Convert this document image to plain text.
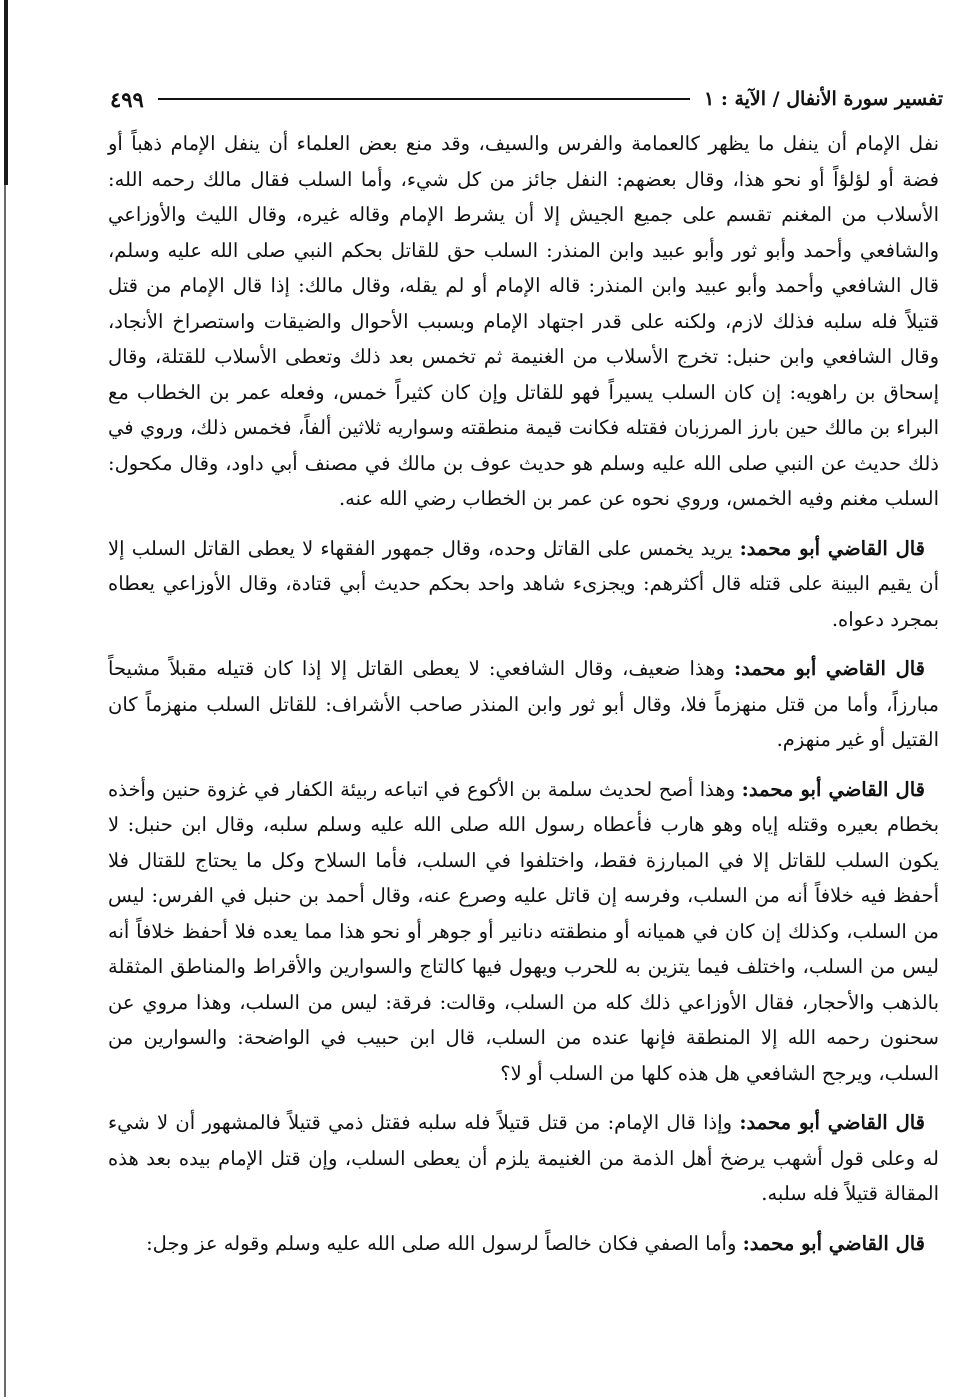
تفسير سورة الأنفال / الآية : ١
٤٩٩

نفل الإمام أن ينفل ما يظهر كالعمامة والفرس والسيف، وقد منع بعض العلماء أن ينفل الإمام ذهباً أو فضة أو لؤلؤاً أو نحو هذا، وقال بعضهم: النفل جائز من كل شيء، وأما السلب فقال مالك رحمه الله: الأسلاب من المغنم تقسم على جميع الجيش إلا أن يشرط الإمام وقاله غيره، وقال الليث والأوزاعي والشافعي وأحمد وأبو ثور وأبو عبيد وابن المنذر: السلب حق للقاتل بحكم النبي صلى الله عليه وسلم، قال الشافعي وأحمد وأبو عبيد وابن المنذر: قاله الإمام أو لم يقله، وقال مالك: إذا قال الإمام من قتل قتيلاً فله سلبه فذلك لازم، ولكنه على قدر اجتهاد الإمام وبسبب الأحوال والضيقات واستصراخ الأنجاد، وقال الشافعي وابن حنبل: تخرج الأسلاب من الغنيمة ثم تخمس بعد ذلك وتعطى الأسلاب للقتلة، وقال إسحاق بن راهويه: إن كان السلب يسيراً فهو للقاتل وإن كان كثيراً خمس، وفعله عمر بن الخطاب مع البراء بن مالك حين بارز المرزبان فقتله فكانت قيمة منطقته وسواريه ثلاثين ألفاً، فخمس ذلك، وروي في ذلك حديث عن النبي صلى الله عليه وسلم هو حديث عوف بن مالك في مصنف أبي داود، وقال مكحول: السلب مغنم وفيه الخمس، وروي نحوه عن عمر بن الخطاب رضي الله عنه.

قال القاضي أبو محمد: يريد يخمس على القاتل وحده، وقال جمهور الفقهاء لا يعطى القاتل السلب إلا أن يقيم البينة على قتله قال أكثرهم: ويجزىء شاهد واحد بحكم حديث أبي قتادة، وقال الأوزاعي يعطاه بمجرد دعواه.

قال القاضي أبو محمد: وهذا ضعيف، وقال الشافعي: لا يعطى القاتل إلا إذا كان قتيله مقبلاً مشيحاً مبارزاً، وأما من قتل منهزماً فلا، وقال أبو ثور وابن المنذر صاحب الأشراف: للقاتل السلب منهزماً كان القتيل أو غير منهزم.

قال القاضي أبو محمد: وهذا أصح لحديث سلمة بن الأكوع في اتباعه ربيئة الكفار في غزوة حنين وأخذه بخطام بعيره وقتله إياه وهو هارب فأعطاه رسول الله صلى الله عليه وسلم سلبه، وقال ابن حنبل: لا يكون السلب للقاتل إلا في المبارزة فقط، واختلفوا في السلب، فأما السلاح وكل ما يحتاج للقتال فلا أحفظ فيه خلافاً أنه من السلب، وفرسه إن قاتل عليه وصرع عنه، وقال أحمد بن حنبل في الفرس: ليس من السلب، وكذلك إن كان في هميانه أو منطقته دنانير أو جوهر أو نحو هذا مما يعده فلا أحفظ خلافاً أنه ليس من السلب، واختلف فيما يتزين به للحرب ويهول فيها كالتاج والسوارين والأقراط والمناطق المثقلة بالذهب والأحجار، فقال الأوزاعي ذلك كله من السلب، وقالت: فرقة: ليس من السلب، وهذا مروي عن سحنون رحمه الله إلا المنطقة فإنها عنده من السلب، قال ابن حبيب في الواضحة: والسوارين من السلب، ويرجح الشافعي هل هذه كلها من السلب أو لا؟

قال القاضي أبو محمد: وإذا قال الإمام: من قتل قتيلاً فله سلبه فقتل ذمي قتيلاً فالمشهور أن لا شيء له وعلى قول أشهب يرضخ أهل الذمة من الغنيمة يلزم أن يعطى السلب، وإن قتل الإمام بيده بعد هذه المقالة قتيلاً فله سلبه.

قال القاضي أبو محمد: وأما الصفي فكان خالصاً لرسول الله صلى الله عليه وسلم وقوله عز وجل:
